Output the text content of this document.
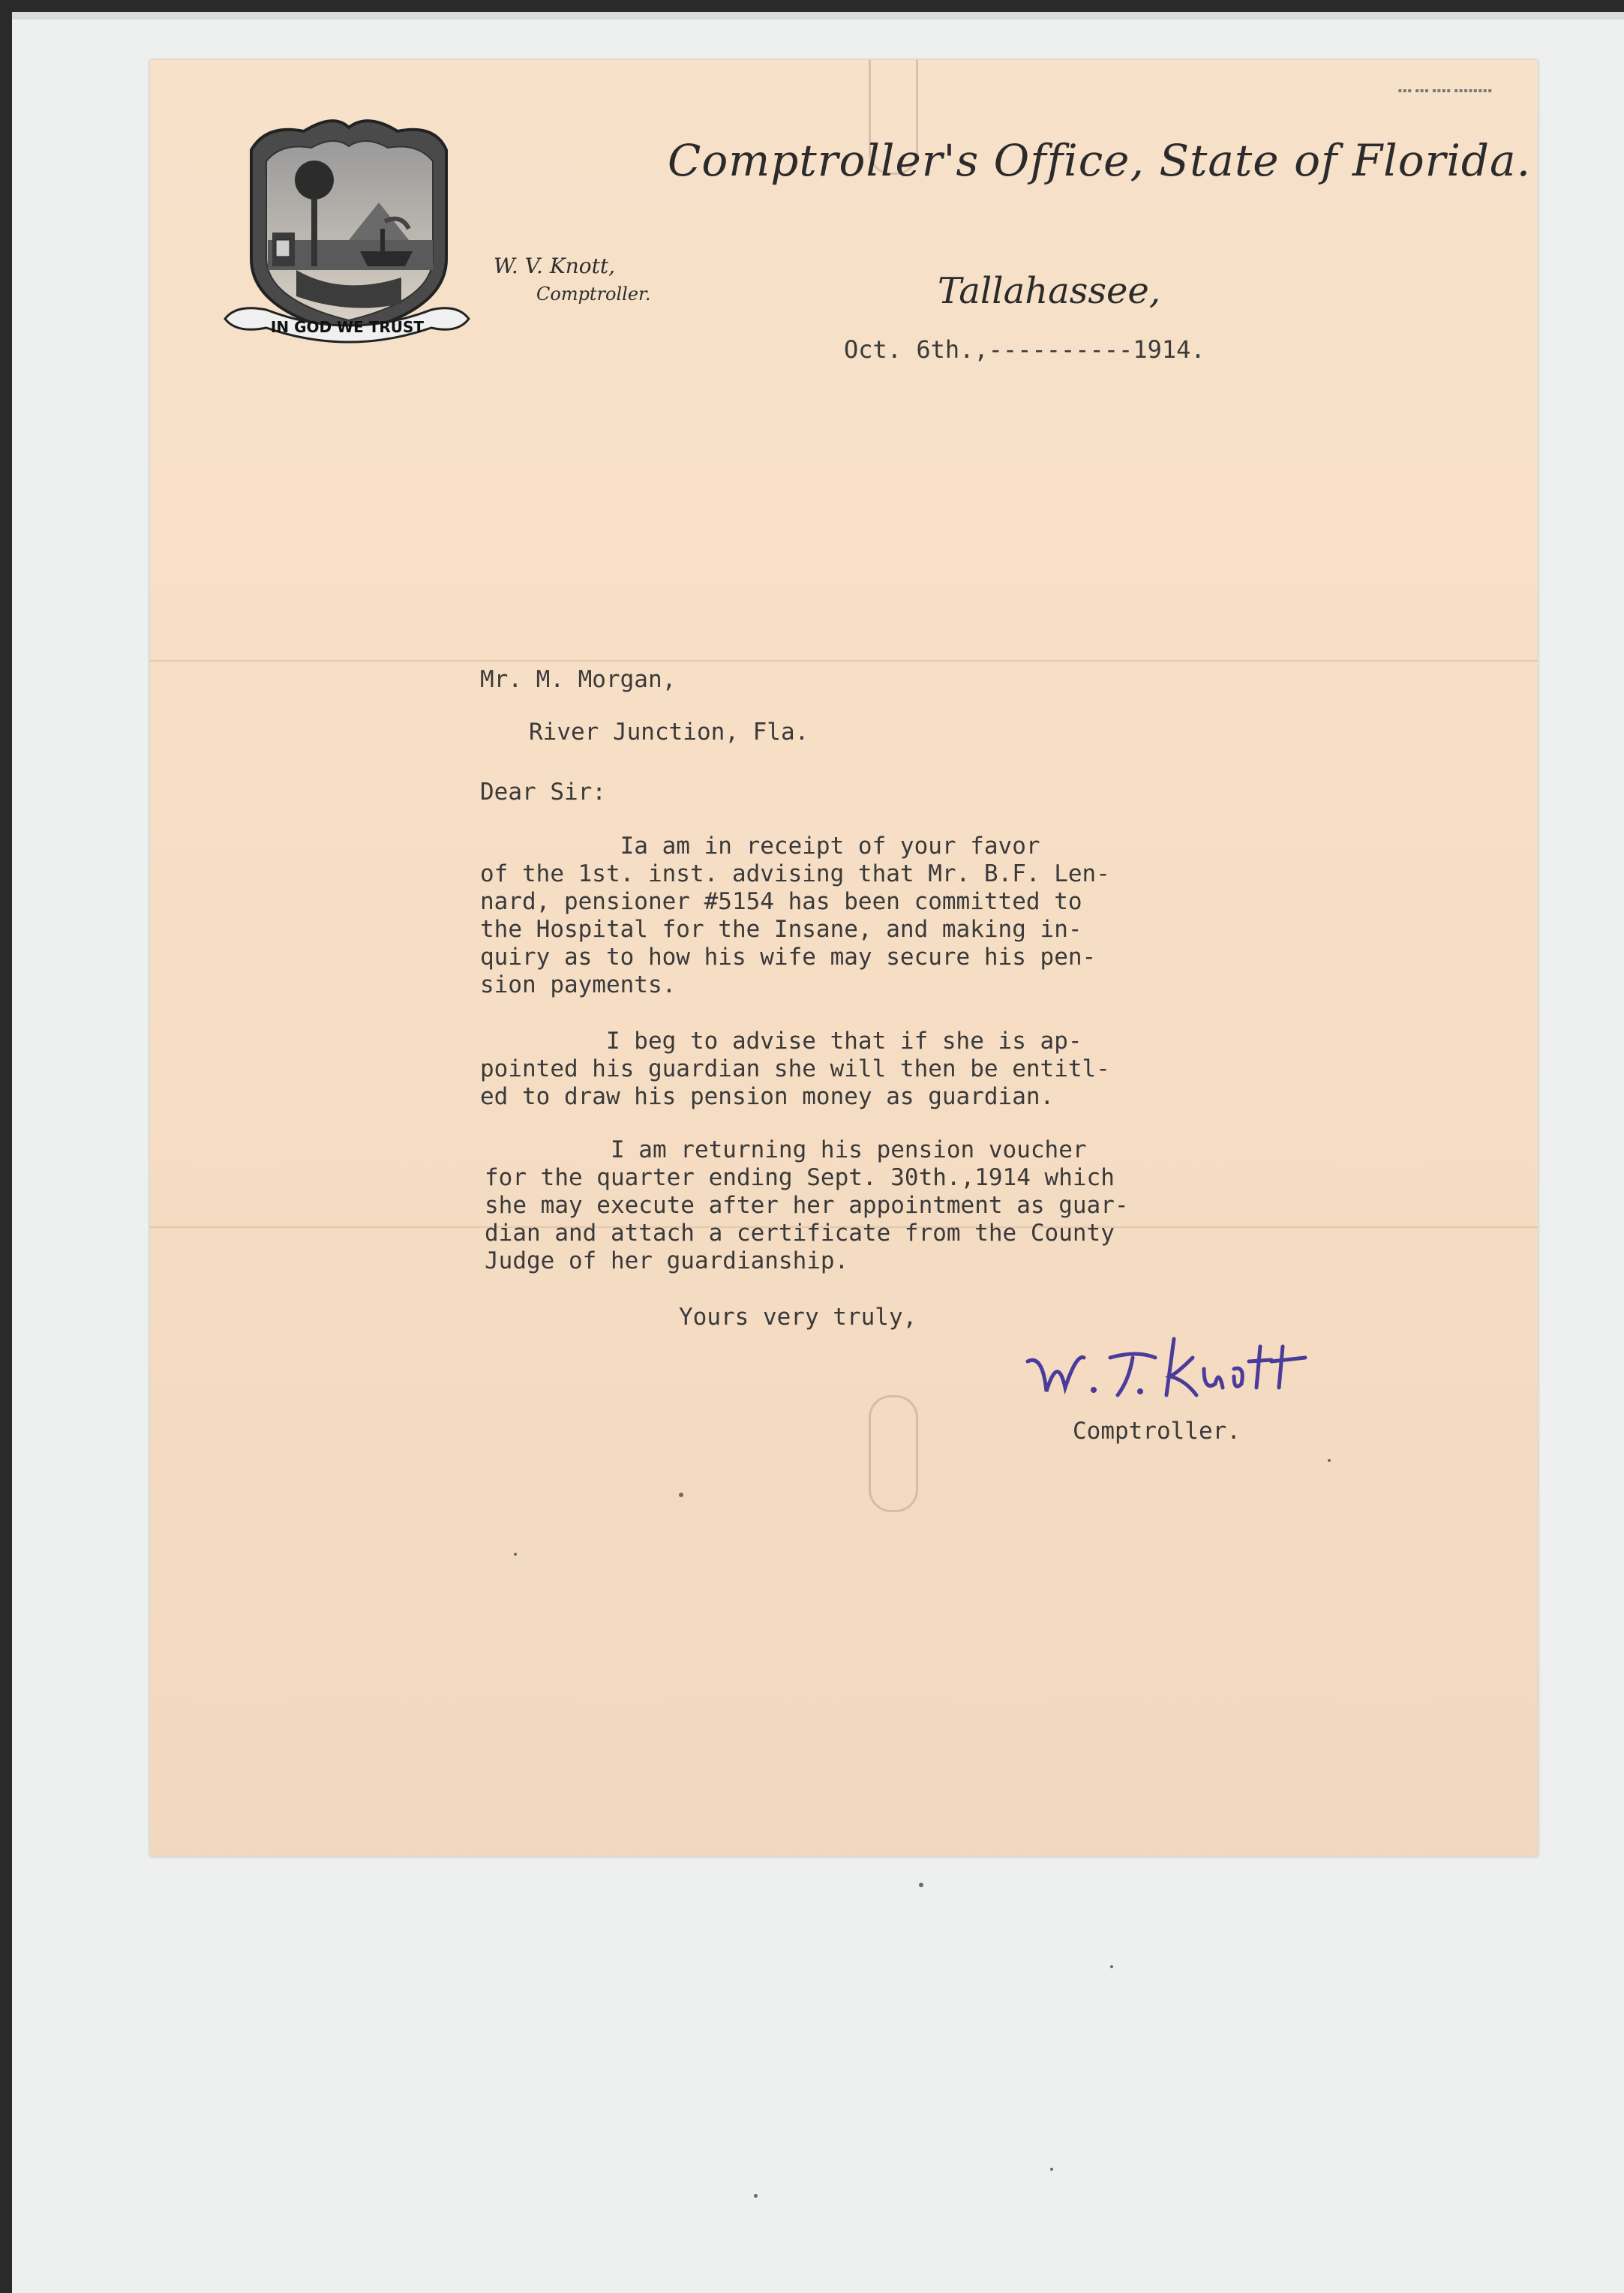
▪▪▪ ▪▪▪ ▪▪▪▪ ▪▪▪▪▪▪▪▪
IN GOD WE TRUST
Comptroller's Office, State of Florida.
W. V. Knott,
Comptroller.	Tallahassee,
Oct. 6th.,----------1914.
Mr. M. Morgan,
River Junction, Fla.
Dear Sir:
Ia am in receipt of your favor
of the 1st. inst. advising that Mr. B.F. Len-
nard, pensioner #5154 has been committed to
the Hospital for the Insane, and making in-
quiry as to how his wife may secure his pen-
sion payments.
I beg to advise that if she is ap-
pointed his guardian she will then be entitl-
ed to draw his pension money as guardian.
I am returning his pension voucher
for the quarter ending Sept. 30th.,1914 which
she may execute after her appointment as guar-
dian and attach a certificate from the County
Judge of her guardianship.
Yours very truly,
Comptroller.
